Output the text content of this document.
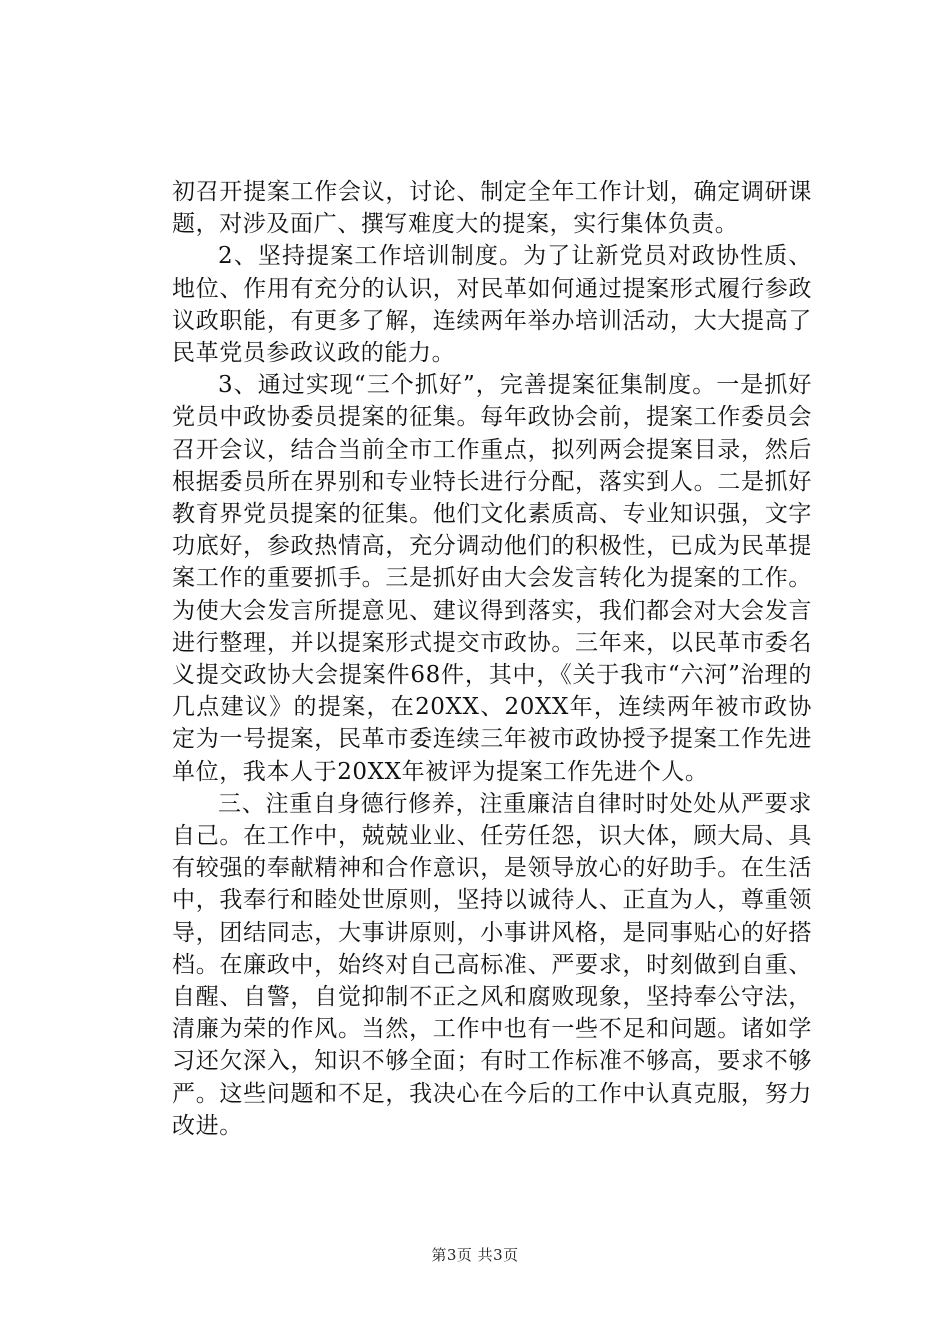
初召开提案工作会议，讨论、制定全年工作计划，确定调研课题，对涉及面广、撰写难度大的提案，实行集体负责。

2、坚持提案工作培训制度。为了让新党员对政协性质、地位、作用有充分的认识，对民革如何通过提案形式履行参政议政职能，有更多了解，连续两年举办培训活动，大大提高了民革党员参政议政的能力。

3、通过实现“三个抓好”，完善提案征集制度。一是抓好党员中政协委员提案的征集。每年政协会前，提案工作委员会召开会议，结合当前全市工作重点，拟列两会提案目录，然后根据委员所在界别和专业特长进行分配，落实到人。二是抓好教育界党员提案的征集。他们文化素质高、专业知识强，文字功底好，参政热情高，充分调动他们的积极性，已成为民革提案工作的重要抓手。三是抓好由大会发言转化为提案的工作。为使大会发言所提意见、建议得到落实，我们都会对大会发言进行整理，并以提案形式提交市政协。三年来，以民革市委名义提交政协大会提案件68件，其中，《关于我市“六河”治理的几点建议》的提案，在20XX、20XX年，连续两年被市政协定为一号提案，民革市委连续三年被市政协授予提案工作先进单位，我本人于20XX年被评为提案工作先进个人。

三、注重自身德行修养，注重廉洁自律时时处处从严要求自己。在工作中，兢兢业业、任劳任怨，识大体，顾大局、具有较强的奉献精神和合作意识，是领导放心的好助手。在生活中，我奉行和睦处世原则，坚持以诚待人、正直为人，尊重领导，团结同志，大事讲原则，小事讲风格，是同事贴心的好搭档。在廉政中，始终对自己高标准、严要求，时刻做到自重、自醒、自警，自觉抑制不正之风和腐败现象，坚持奉公守法，清廉为荣的作风。当然，工作中也有一些不足和问题。诸如学习还欠深入，知识不够全面；有时工作标准不够高，要求不够严。这些问题和不足，我决心在今后的工作中认真克服，努力改进。

第3页 共3页
